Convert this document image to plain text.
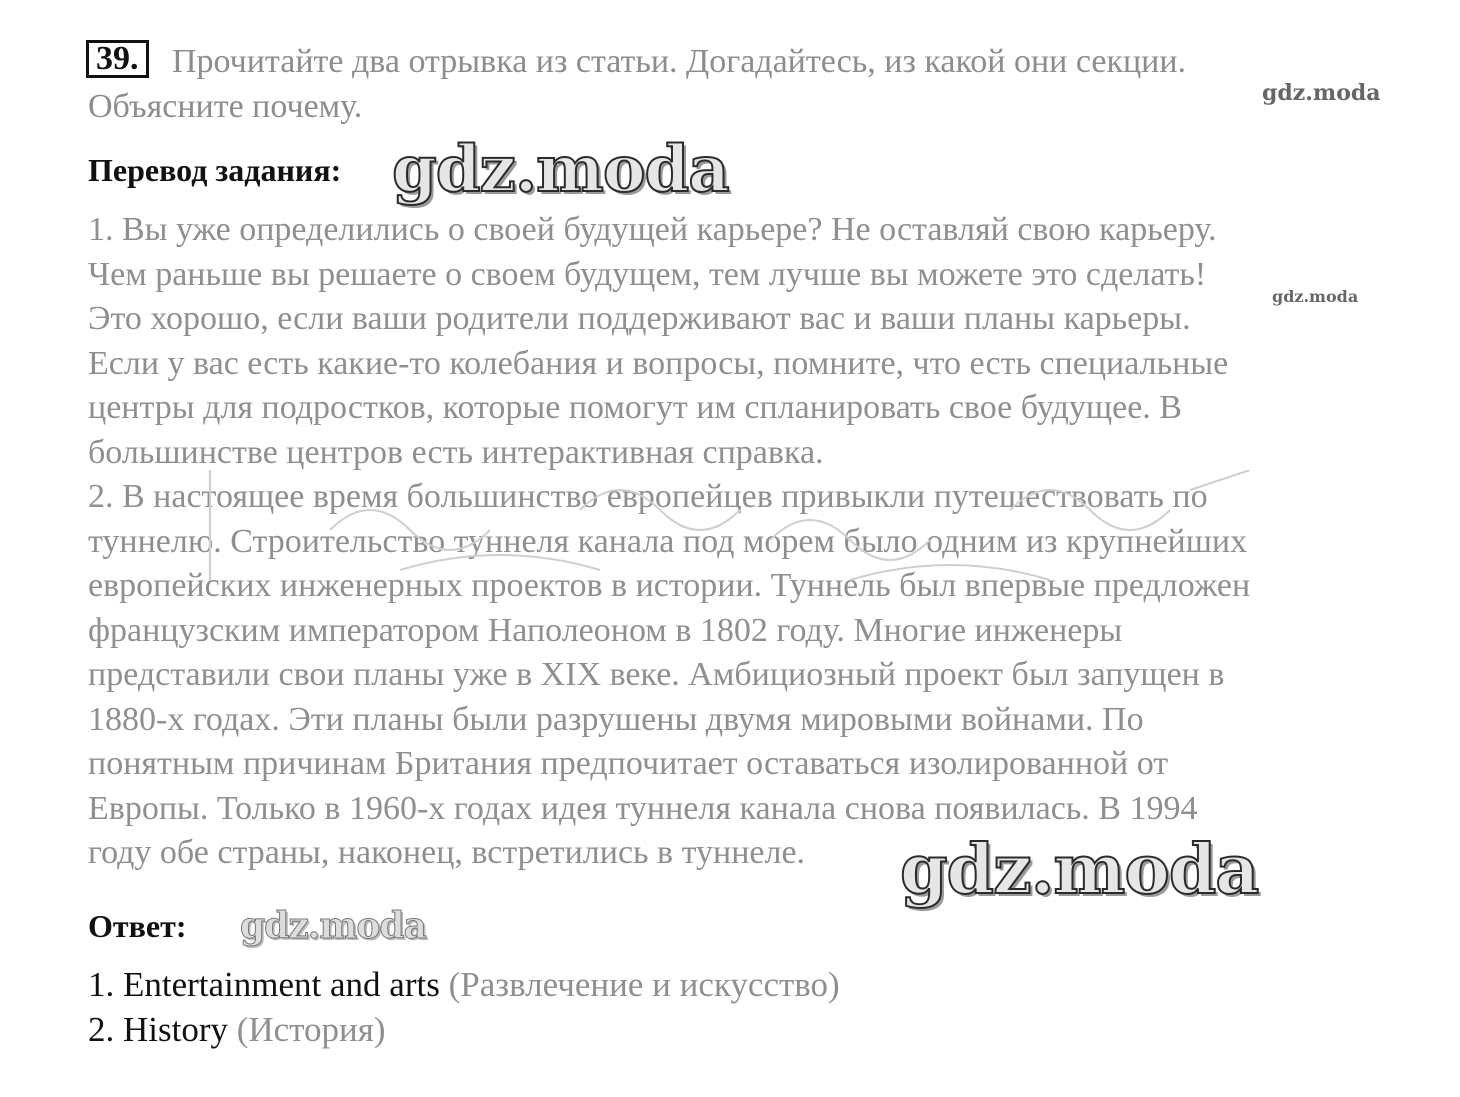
39. Прочитайте два отрывка из статьи. Догадайтесь, из какой они секции.
Объясните почему.
Перевод задания:
1. Вы уже определились о своей будущей карьере? Не оставляй свою карьеру.
Чем раньше вы решаете о своем будущем, тем лучше вы можете это сделать!
Это хорошо, если ваши родители поддерживают вас и ваши планы карьеры.
Если у вас есть какие-то колебания и вопросы, помните, что есть специальные
центры для подростков, которые помогут им спланировать свое будущее. В
большинстве центров есть интерактивная справка.
2. В настоящее время большинство европейцев привыкли путешествовать по
туннелю. Строительство туннеля канала под морем было одним из крупнейших
европейских инженерных проектов в истории. Туннель был впервые предложен
французским императором Наполеоном в 1802 году. Многие инженеры
представили свои планы уже в XIX веке. Амбициозный проект был запущен в
1880-х годах. Эти планы были разрушены двумя мировыми войнами. По
понятным причинам Британия предпочитает оставаться изолированной от
Европы. Только в 1960-х годах идея туннеля канала снова появилась. В 1994
году обе страны, наконец, встретились в туннеле.
Ответ:
1. Entertainment and arts (Развлечение и искусство)
2. History (История)
gdz.moda
gdz.moda
gdz.moda
gdz.moda
gdz.moda
